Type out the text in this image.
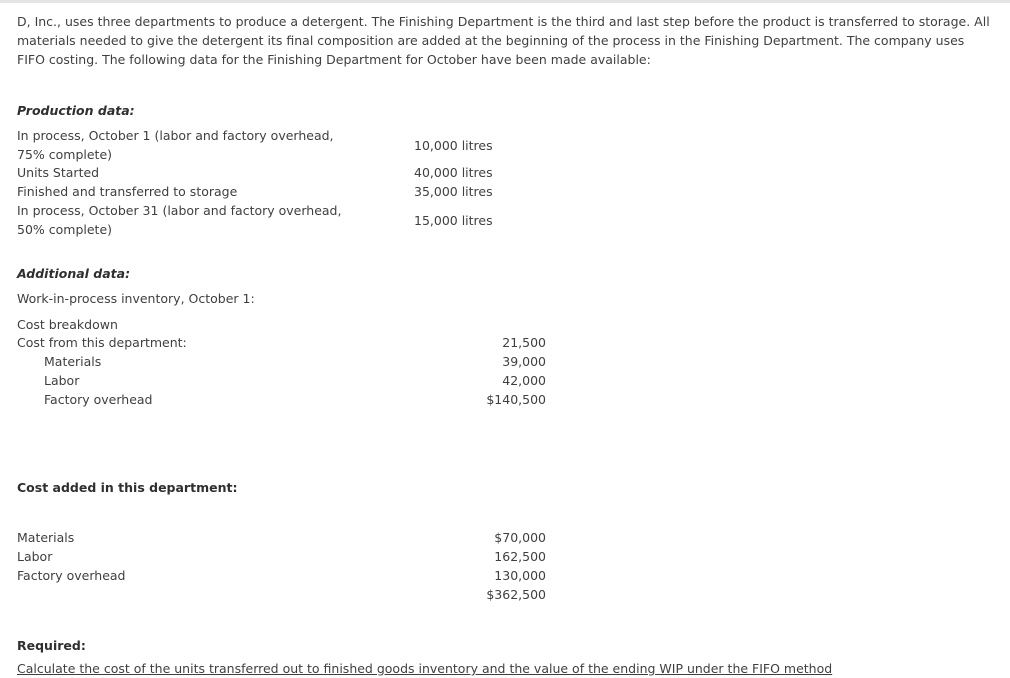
D, Inc., uses three departments to produce a detergent. The Finishing Department is the third and last step before the product is transferred to storage. All materials needed to give the detergent its final composition are added at the beginning of the process in the Finishing Department. The company uses FIFO costing. The following data for the Finishing Department for October have been made available:
Production data:
In process, October 1 (labor and factory overhead, 75% complete)
10,000 litres
Units Started	40,000 litres
Finished and transferred to storage	35,000 litres
In process, October 31 (labor and factory overhead, 50% complete)
15,000 litres
Additional data:
Work-in-process inventory, October 1:
Cost breakdown
Cost from this department:
Materials
Labor
Factory overhead
21,500
39,000
42,000
$140,500
Cost added in this department:
Materials
Labor
Factory overhead
$70,000
162,500
130,000
$362,500
Required:
Calculate the cost of the units transferred out to finished goods inventory and the value of the ending WIP under the FIFO method
